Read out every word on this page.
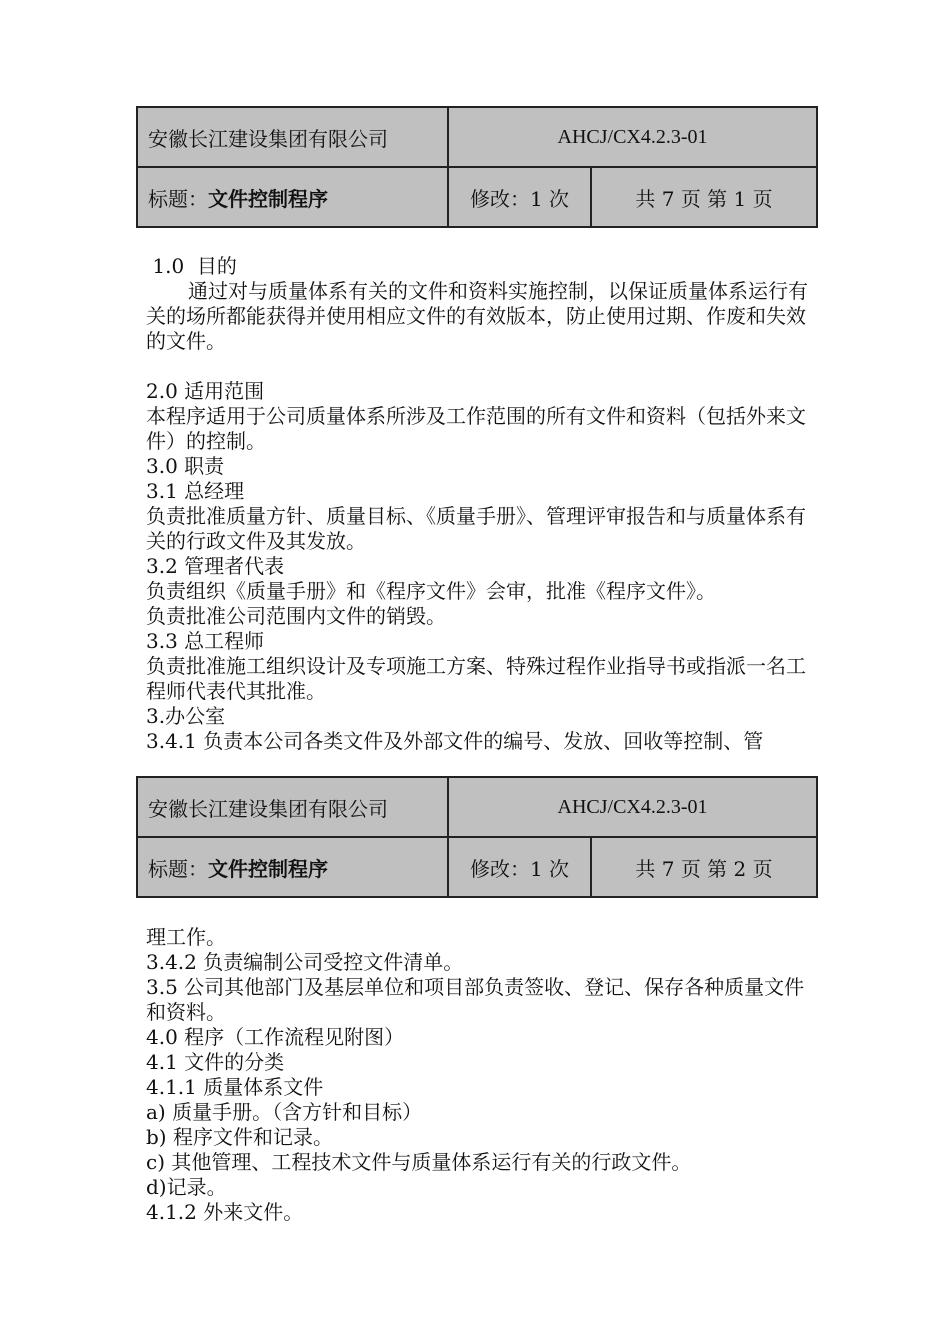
安徽长江建设集团有限公司	AHCJ/CX4.2.3-01	
标题：文件控制程序	修改：1 次	共 7 页 第 1 页

1.0  目的

通过对与质量体系有关的文件和资料实施控制，以保证质量体系运行有关的场所都能获得并使用相应文件的有效版本，防止使用过期、作废和失效的文件。

2.0 适用范围

本程序适用于公司质量体系所涉及工作范围的所有文件和资料（包括外来文件）的控制。

3.0 职责

3.1 总经理

负责批准质量方针、质量目标、《质量手册》、管理评审报告和与质量体系有关的行政文件及其发放。

3.2 管理者代表

负责组织《质量手册》和《程序文件》会审，批准《程序文件》。

负责批准公司范围内文件的销毁。

3.3 总工程师

负责批准施工组织设计及专项施工方案、特殊过程作业指导书或指派一名工程师代表代其批准。

3.办公室

3.4.1 负责本公司各类文件及外部文件的编号、发放、回收等控制、管

安徽长江建设集团有限公司	AHCJ/CX4.2.3-01	
标题：文件控制程序	修改：1 次	共 7 页 第 2 页

理工作。

3.4.2 负责编制公司受控文件清单。

3.5 公司其他部门及基层单位和项目部负责签收、登记、保存各种质量文件和资料。

4.0 程序（工作流程见附图）

4.1 文件的分类

4.1.1 质量体系文件

a) 质量手册。（含方针和目标）

b) 程序文件和记录。

c) 其他管理、工程技术文件与质量体系运行有关的行政文件。

d)记录。

4.1.2 外来文件。
